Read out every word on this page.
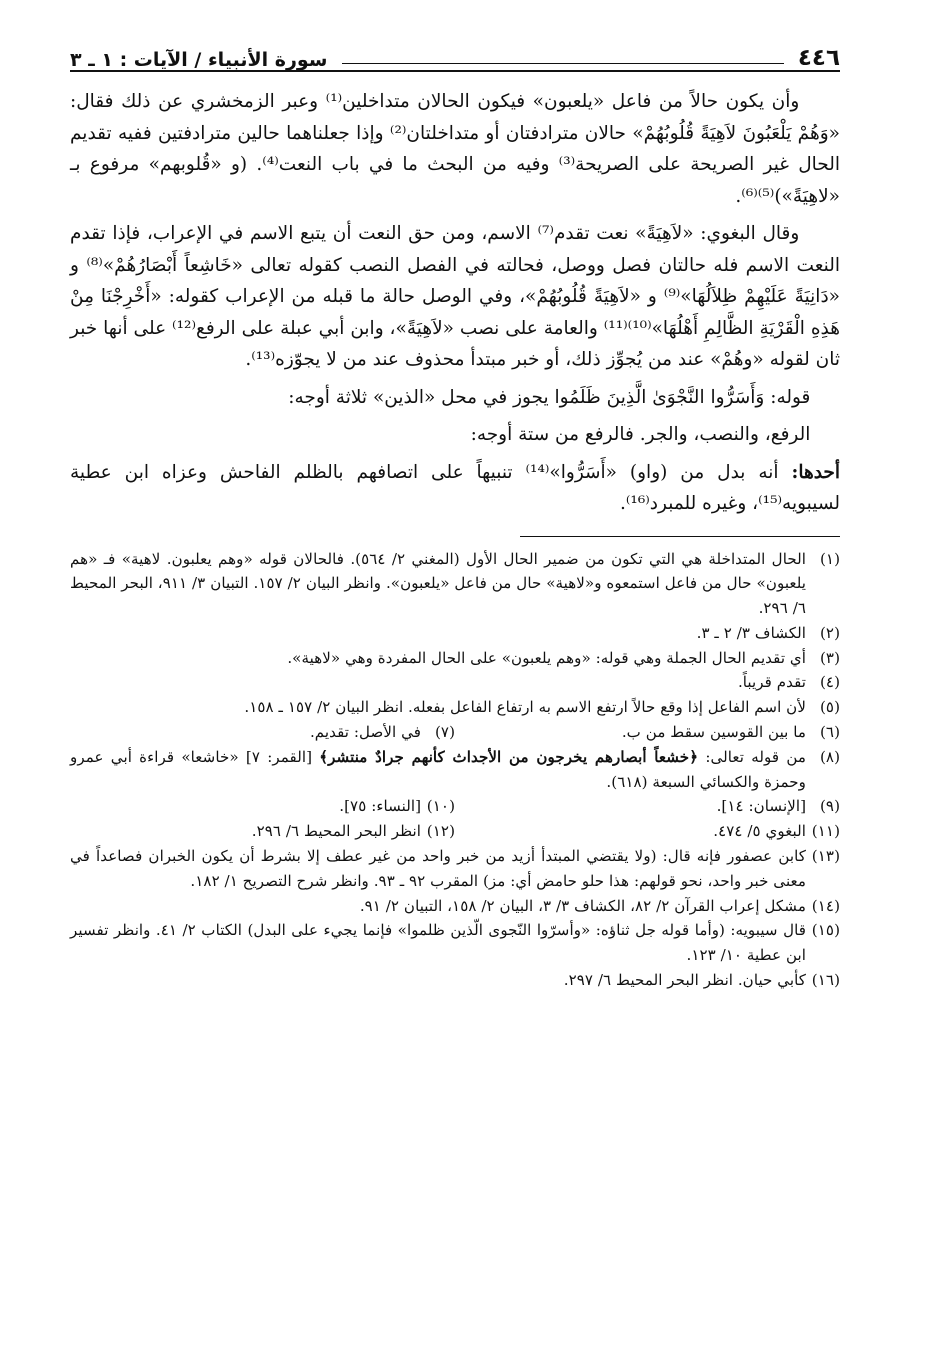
٤٤٦
سورة الأنبياء / الآيات : ١ ـ ٣

وأن يكون حالاً من فاعل «يلعبون» فيكون الحالان متداخلين⁽¹⁾ وعبر الزمخشري عن ذلك فقال: «وَهُمْ يَلْعَبُونَ لاَهِيَةً قُلُوبُهُمْ» حالان مترادفتان أو متداخلتان⁽²⁾ وإذا جعلناهما حالين مترادفتين ففيه تقديم الحال غير الصريحة على الصريحة⁽³⁾ وفيه من البحث ما في باب النعت⁽⁴⁾. (و «قُلوبهم» مرفوع بـ «لاهِيَةً»)⁽⁵⁾⁽⁶⁾.

وقال البغوي: «لاَهِيَةً» نعت تقدم⁽⁷⁾ الاسم، ومن حق النعت أن يتبع الاسم في الإعراب، فإذا تقدم النعت الاسم فله حالتان فصل ووصل، فحالته في الفصل النصب كقوله تعالى «خَاشِعاً أَبْصَارُهُمْ»⁽⁸⁾ و «دَانِيَةً عَلَيْهِمْ ظِلاَلُهَا»⁽⁹⁾ و «لاَهِيَةً قُلُوبُهُمْ»، وفي الوصل حالة ما قبله من الإعراب كقوله: «أَخْرِجْنَا مِنْ هَذِهِ الْقَرْيَةِ الظَّالِمِ أَهْلُهَا»⁽¹⁰⁾⁽¹¹⁾ والعامة على نصب «لاَهِيَةً»، وابن أبي عبلة على الرفع⁽¹²⁾ على أنها خبر ثان لقوله «وهُمْ» عند من يُجوِّز ذلك، أو خبر مبتدأ محذوف عند من لا يجوّزه⁽¹³⁾.

قوله: وَأَسَرُّوا النَّجْوَىٰ الَّذِينَ ظَلَمُوا يجوز في محل «الذين» ثلاثة أوجه:

الرفع، والنصب، والجر. فالرفع من ستة أوجه:

أحدها: أنه بدل من (واو) «أَسَرُّوا»⁽¹⁴⁾ تنبيهاً على اتصافهم بالظلم الفاحش وعزاه ابن عطية لسيبويه⁽¹⁵⁾، وغيره للمبرد⁽¹⁶⁾.

(١)
الحال المتداخلة هي التي تكون من ضمير الحال الأول (المغني ٢/ ٥٦٤). فالحالان قوله «وهم يعلبون. لاهية» فـ «هم يلعبون» حال من فاعل استمعوه و«لاهية» حال من فاعل «يلعبون». وانظر البيان ٢/ ١٥٧. التبيان ٣/ ٩١١، البحر المحيط ٦/ ٢٩٦.
(٢)
الكشاف ٣/ ٢ ـ ٣.
(٣)
أي تقديم الحال الجملة وهي قوله: «وهم يلعبون» على الحال المفردة وهي «لاهية».
(٤)
تقدم قريباً.
(٥)
لأن اسم الفاعل إذا وقع حالاً ارتفع الاسم به ارتفاع الفاعل بفعله. انظر البيان ٢/ ١٥٧ ـ ١٥٨.
(٦)
ما بين القوسين سقط من ب.
(٧)
في الأصل: تقديم.
(٨)
من قوله تعالى: ﴿خشعاً أبصارهم يخرجون من الأجداث كأنهم جرادٌ منتشر﴾ [القمر: ٧] «خاشعا» قراءة أبي عمرو وحمزة والكسائي السبعة (٦١٨).
(٩)
[الإنسان: ١٤].
(١٠)
[النساء: ٧٥].
(١١)
البغوي ٥/ ٤٧٤.
(١٢)
انظر البحر المحيط ٦/ ٢٩٦.
(١٣)
كابن عصفور فإنه قال: (ولا يقتضي المبتدأ أزيد من خبر واحد من غير عطف إلا بشرط أن يكون الخبران فصاعداً في معنى خبر واحد، نحو قولهم: هذا حلو حامض أي: مز) المقرب ٩٢ ـ ٩٣. وانظر شرح التصريح ١/ ١٨٢.
(١٤)
مشكل إعراب القرآن ٢/ ٨٢، الكشاف ٣/ ٣، البيان ٢/ ١٥٨، التبيان ٢/ ٩١.
(١٥)
قال سيبويه: (وأما قوله جل ثناؤه: «وأسرّوا النّجوى الّذين ظلموا» فإنما يجيء على البدل) الكتاب ٢/ ٤١. وانظر تفسير ابن عطية ١٠/ ١٢٣.
(١٦)
كأبي حيان. انظر البحر المحيط ٦/ ٢٩٧.
